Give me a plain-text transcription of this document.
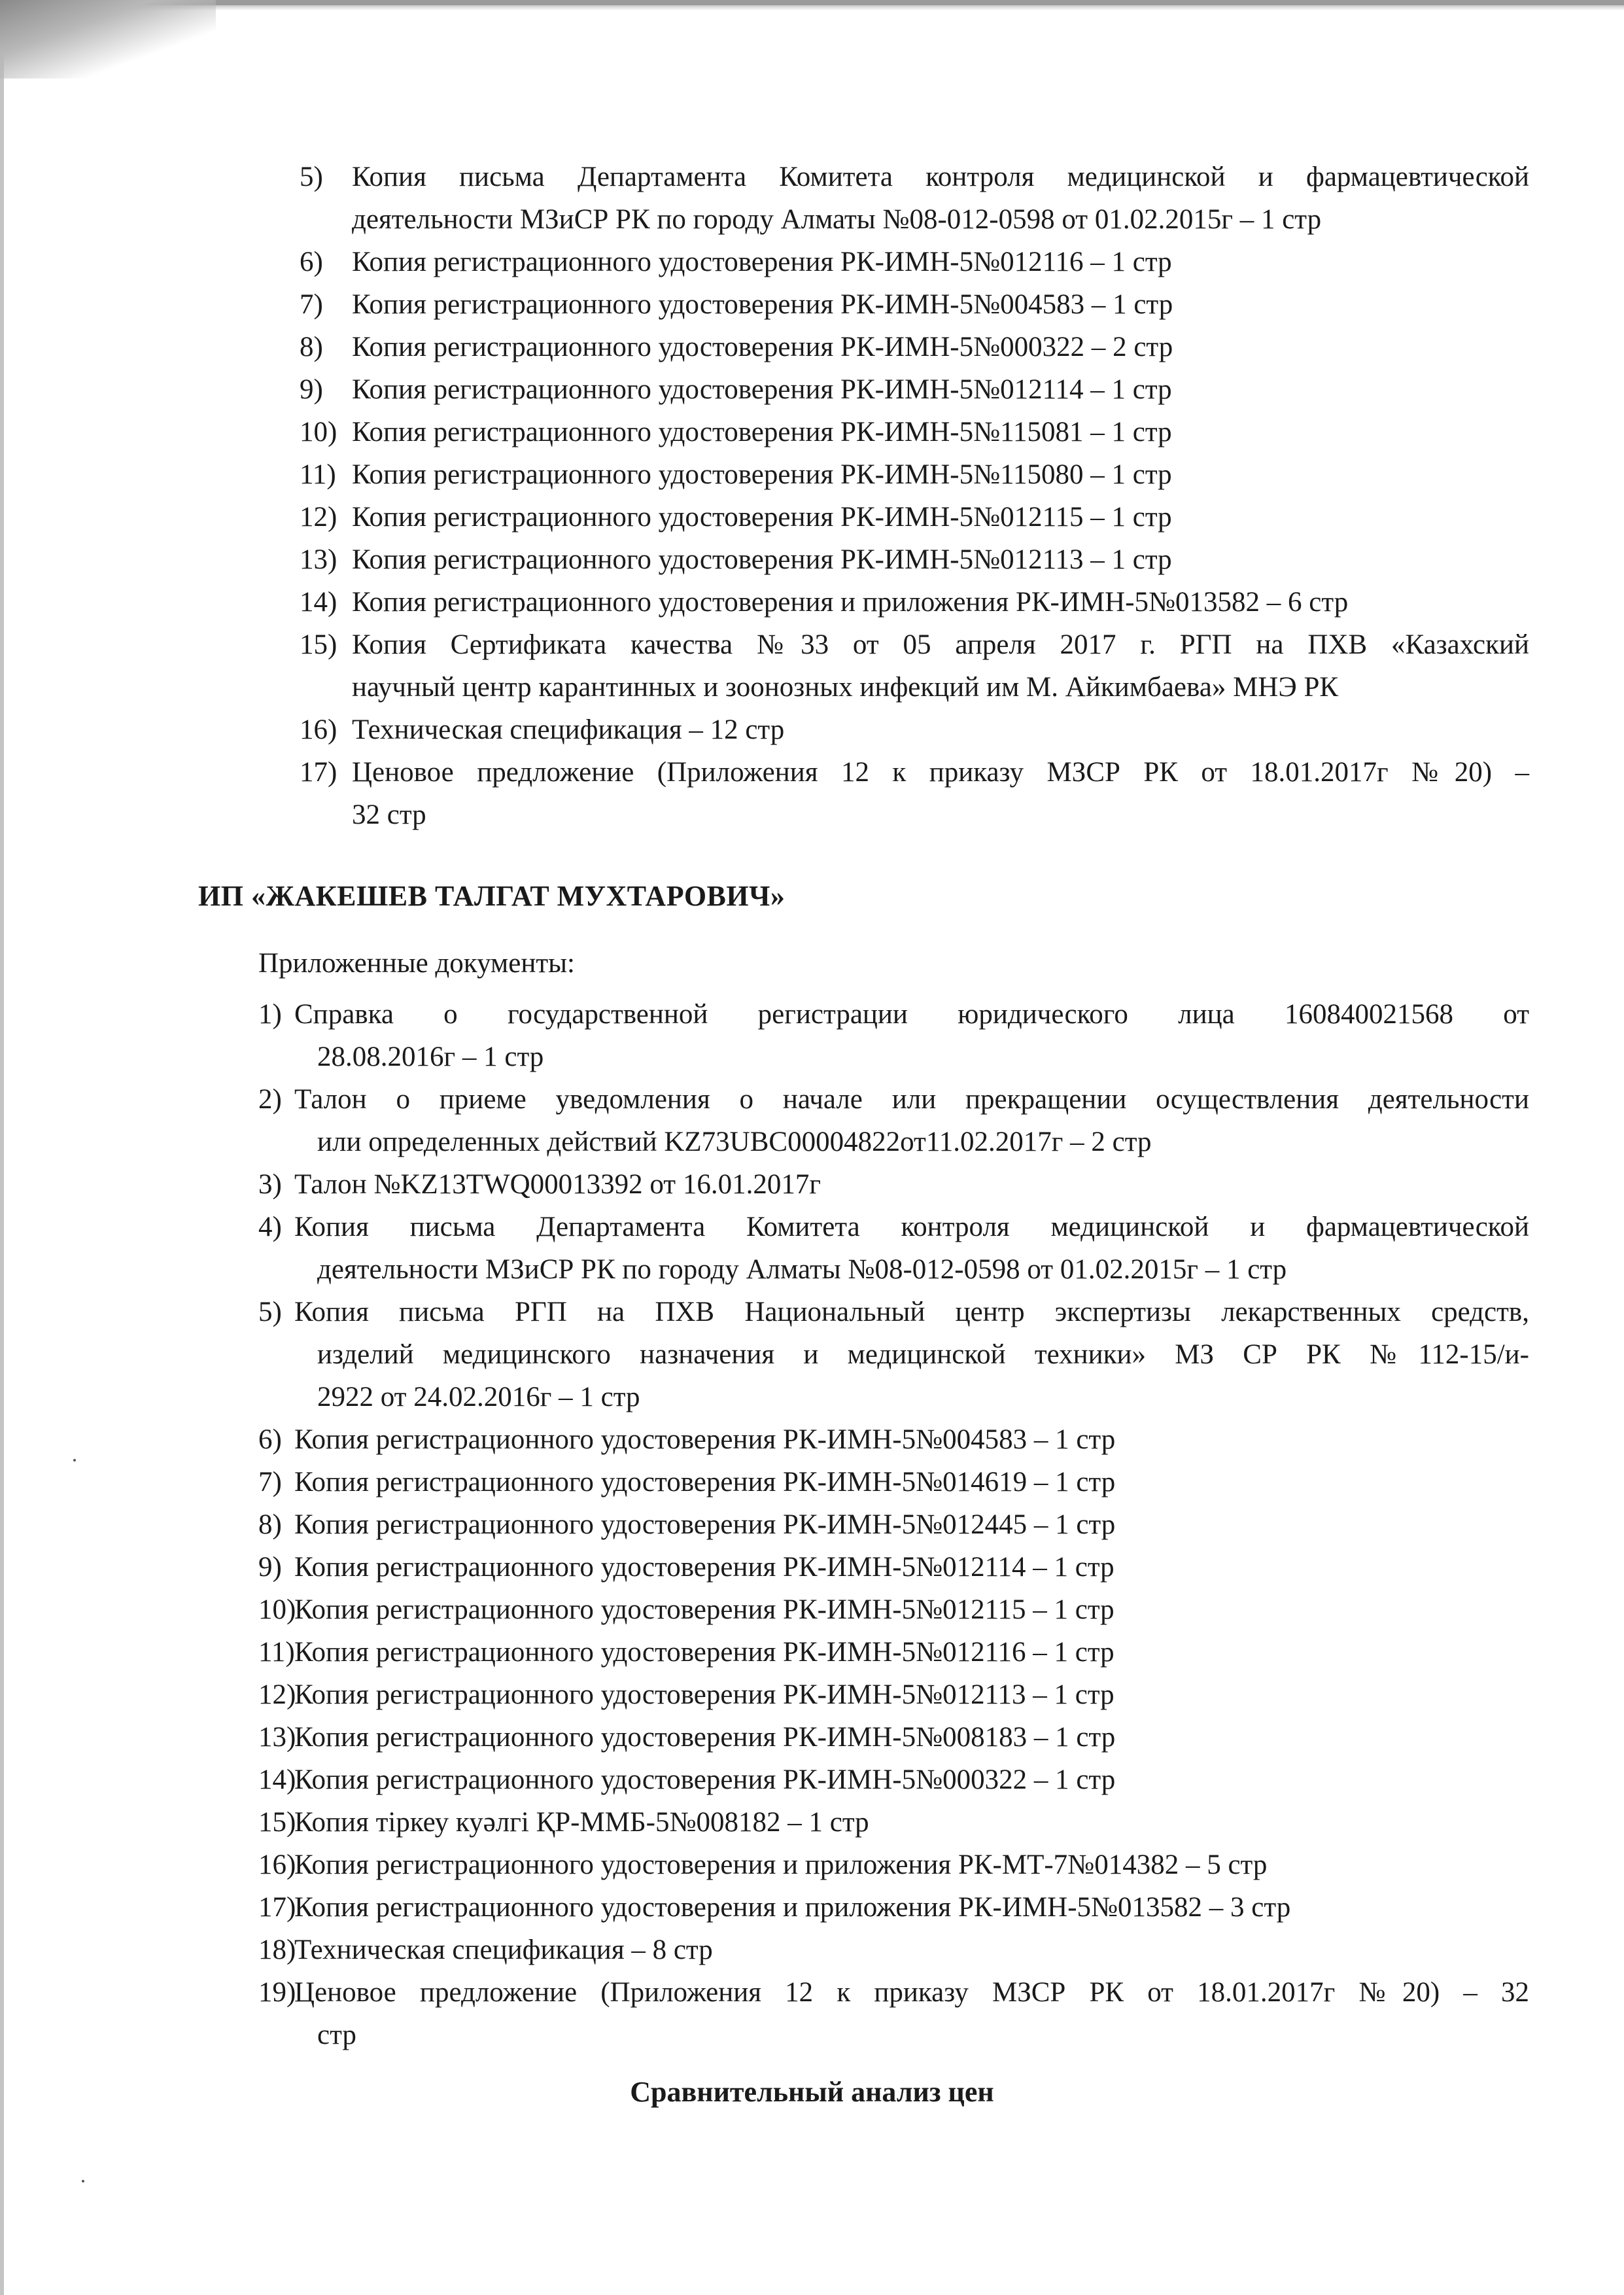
5) Копия письма Департамента Комитета контроля медицинской и фармацевтической
деятельности МЗиСР РК по городу Алматы №08-012-0598 от 01.02.2015г – 1 стр
6) Копия регистрационного удостоверения РК-ИМН-5№012116 – 1 стр
7) Копия регистрационного удостоверения РК-ИМН-5№004583 – 1 стр
8) Копия регистрационного удостоверения РК-ИМН-5№000322 – 2 стр
9) Копия регистрационного удостоверения РК-ИМН-5№012114 – 1 стр
10) Копия регистрационного удостоверения РК-ИМН-5№115081 – 1 стр
11) Копия регистрационного удостоверения РК-ИМН-5№115080 – 1 стр
12) Копия регистрационного удостоверения РК-ИМН-5№012115 – 1 стр
13) Копия регистрационного удостоверения РК-ИМН-5№012113 – 1 стр
14) Копия регистрационного удостоверения и приложения РК-ИМН-5№013582 – 6 стр
15) Копия Сертификата качества №33 от 05 апреля 2017 г. РГП на ПХВ «Казахский
научный центр карантинных и зоонозных инфекций им М. Айкимбаева» МНЭ РК
16) Техническая спецификация – 12 стр
17) Ценовое предложение (Приложения 12 к приказу МЗСР РК от 18.01.2017г №20) –
32 стр
ИП «ЖАКЕШЕВ ТАЛГАТ МУХТАРОВИЧ»
Приложенные документы:
1) Справка о государственной регистрации юридического лица 160840021568 от
28.08.2016г – 1 стр
2) Талон о приеме уведомления о начале или прекращении осуществления деятельности
или определенных действий KZ73UBC00004822от11.02.2017г – 2 стр
3) Талон №KZ13TWQ00013392 от 16.01.2017г
4) Копия письма Департамента Комитета контроля медицинской и фармацевтической
деятельности МЗиСР РК по городу Алматы №08-012-0598 от 01.02.2015г – 1 стр
5) Копия письма РГП на ПХВ Национальный центр экспертизы лекарственных средств,
изделий медицинского назначения и медицинской техники» МЗ СР РК №112-15/и-
2922 от 24.02.2016г – 1 стр
6) Копия регистрационного удостоверения РК-ИМН-5№004583 – 1 стр
7) Копия регистрационного удостоверения РК-ИМН-5№014619 – 1 стр
8) Копия регистрационного удостоверения РК-ИМН-5№012445 – 1 стр
9) Копия регистрационного удостоверения РК-ИМН-5№012114 – 1 стр
10)
Копия регистрационного удостоверения РК-ИМН-5№012115 – 1 стр
11) Копия регистрационного удостоверения РК-ИМН-5№012116 – 1 стр
12)
Копия регистрационного удостоверения РК-ИМН-5№012113 – 1 стр
13)
Копия регистрационного удостоверения РК-ИМН-5№008183 – 1 стр
14)
Копия регистрационного удостоверения РК-ИМН-5№000322 – 1 стр
15)
Копия тіркеу куәлгі ҚР-ММБ-5№008182 – 1 стр
16)
Копия регистрационного удостоверения и приложения РК-МТ-7№014382 – 5 стр
17)
Копия регистрационного удостоверения и приложения РК-ИМН-5№013582 – 3 стр
18)
Техническая спецификация – 8 стр
19)
Ценовое предложение (Приложения 12 к приказу МЗСР РК от 18.01.2017г №20) – 32
стр
Сравнительный анализ цен
